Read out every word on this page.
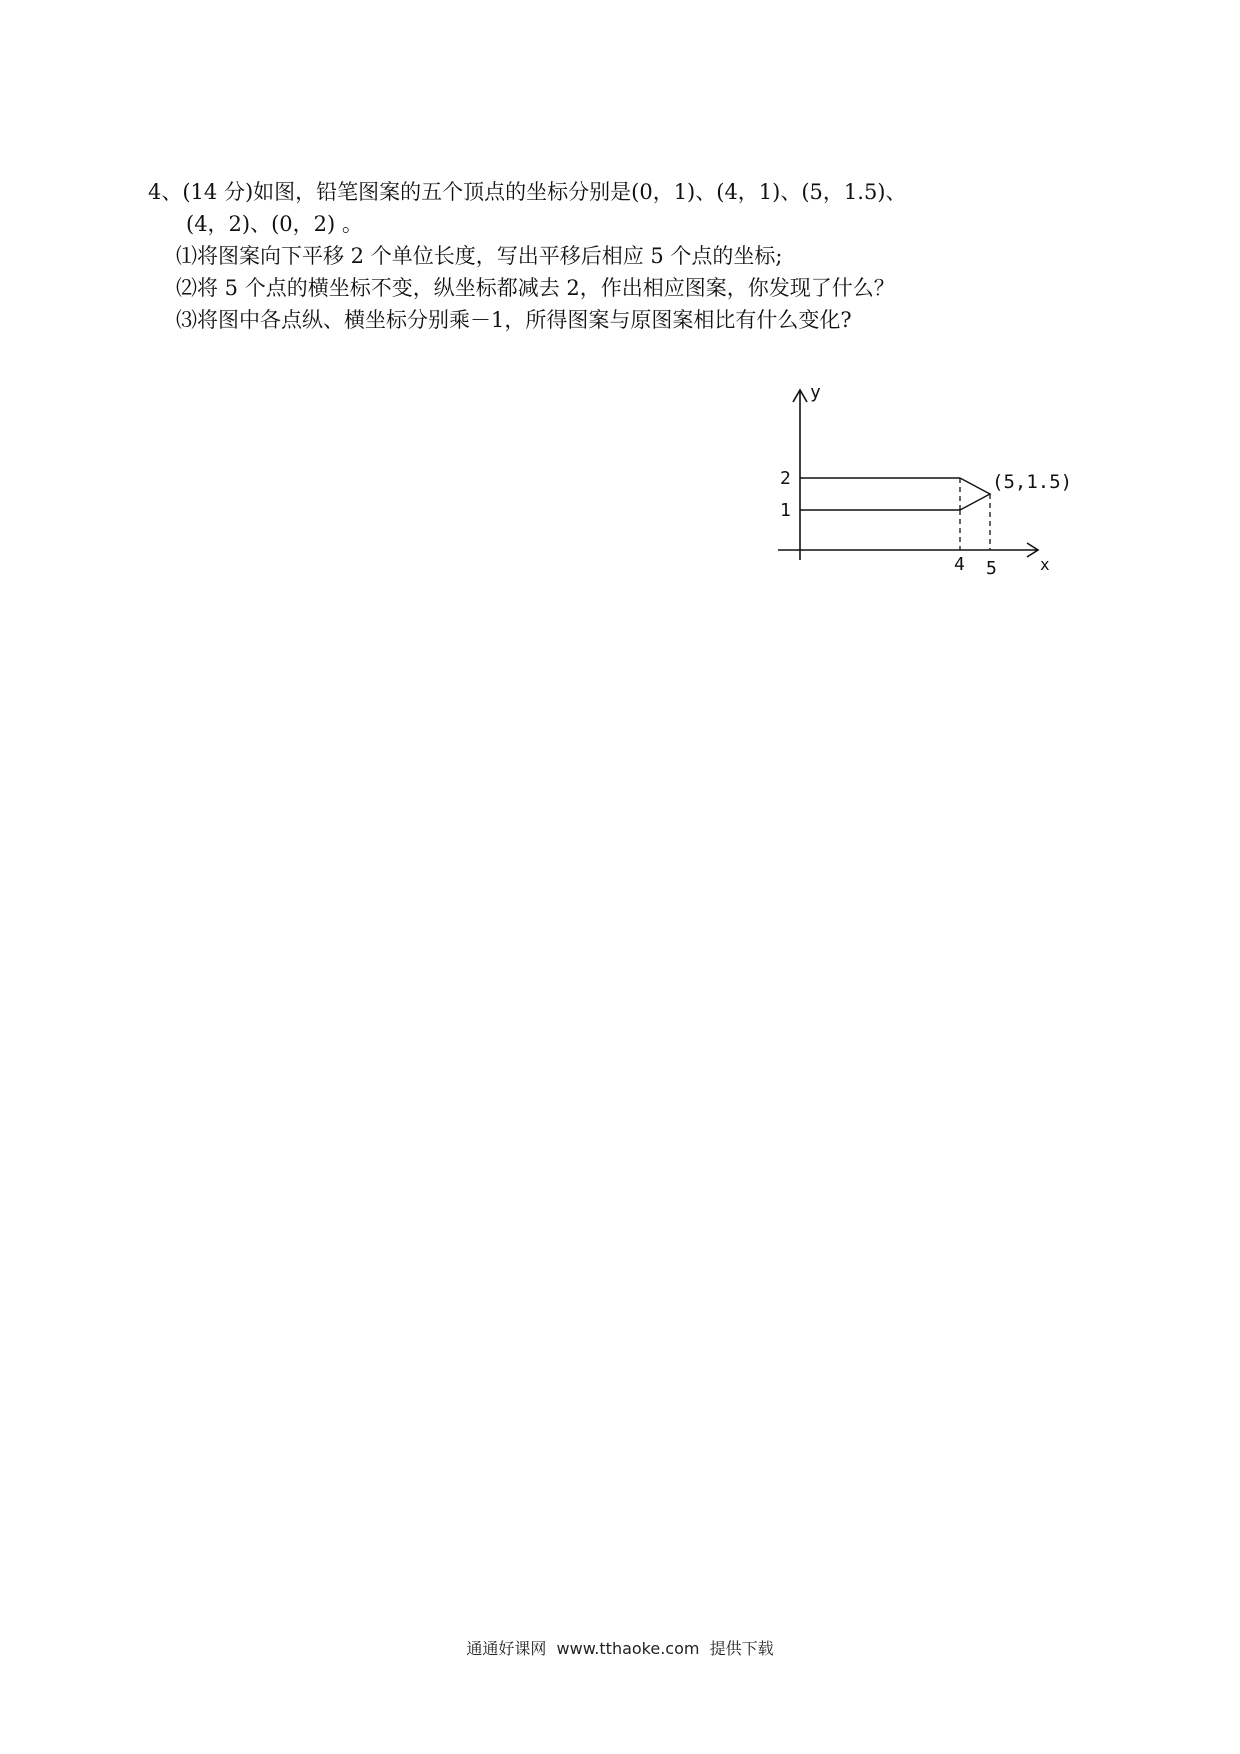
4、(14 分)如图，铅笔图案的五个顶点的坐标分别是(0，1)、(4，1)、(5，1.5)、
(4，2)、(0，2) 。
⑴将图案向下平移 2 个单位长度，写出平移后相应 5 个点的坐标;
⑵将 5 个点的横坐标不变，纵坐标都减去 2，作出相应图案，你发现了什么？
⑶将图中各点纵、横坐标分别乘－1，所得图案与原图案相比有什么变化?
y
x
2
1
4 5
(5,1.5)
通通好课网  www.tthaoke.com  提供下载
